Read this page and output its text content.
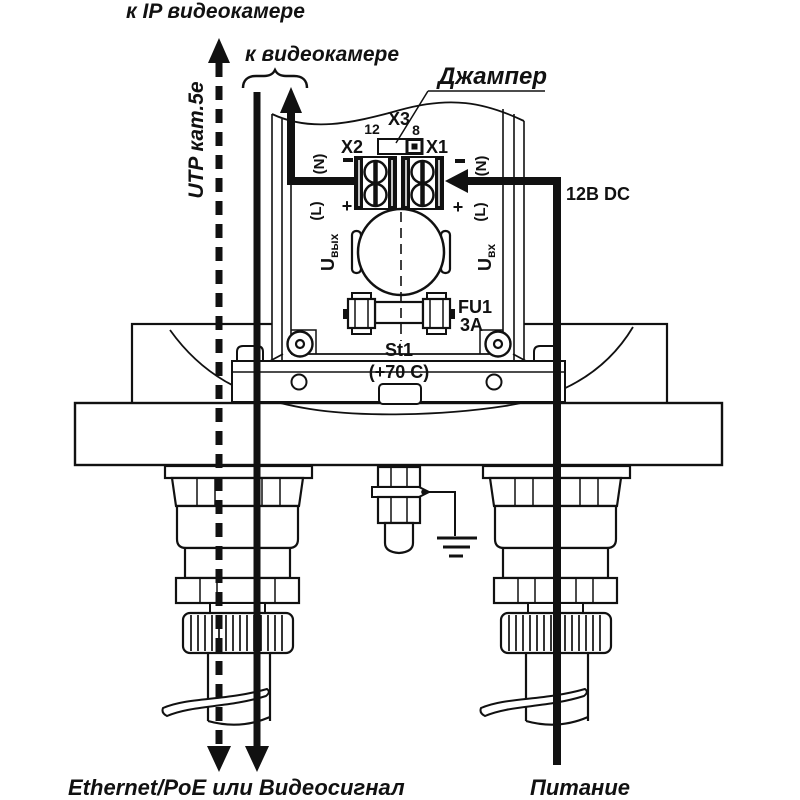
к IP видеокамере
UTP кат.5e
к видеокамере
Джампер
X3
12 8
X2	X1
(N)	(N)
+	+
(L)	(L)
$U_{вых}$
$U_{вх}$
12В DC
FU1
3A
St1
(+70 C)
Ethernet/PoE или Видеосигнал	Питание
